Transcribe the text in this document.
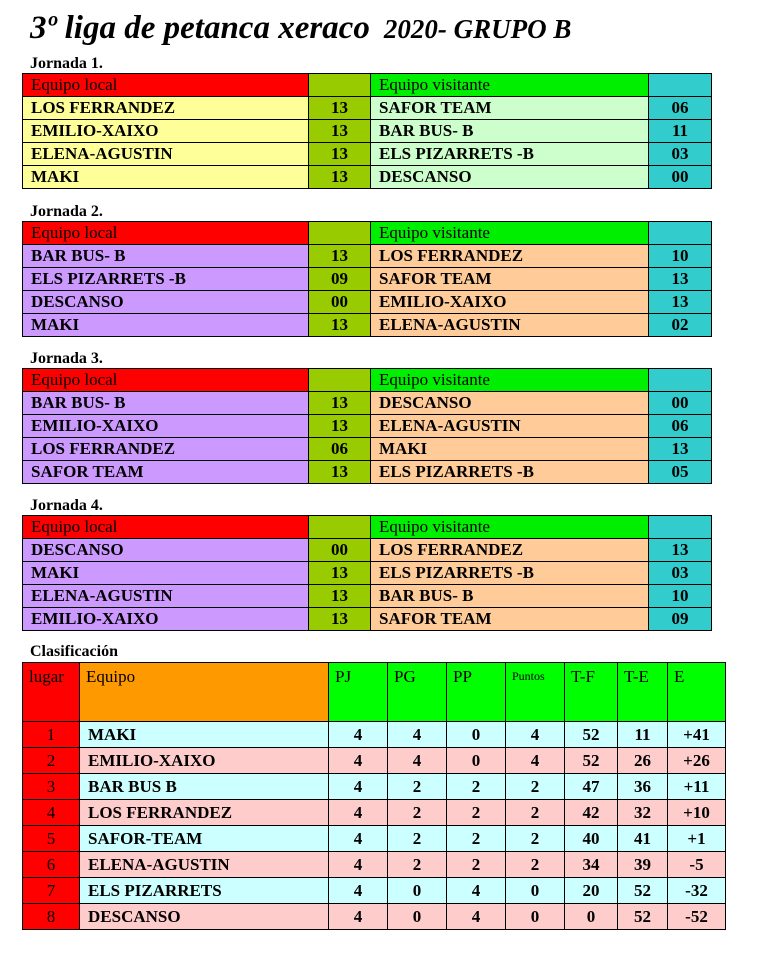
3º liga de petanca xeraco 2020- GRUPO B
Jornada 1.
Equipo local		Equipo visitante	
LOS FERRANDEZ	13	SAFOR TEAM	06
EMILIO-XAIXO	13	BAR BUS- B	11
ELENA-AGUSTIN	13	ELS PIZARRETS -B	03
MAKI	13	DESCANSO	00
Jornada 2.
Equipo local		Equipo visitante	
BAR BUS- B	13	LOS FERRANDEZ	10
ELS PIZARRETS -B	09	SAFOR TEAM	13
DESCANSO	00	EMILIO-XAIXO	13
MAKI	13	ELENA-AGUSTIN	02
Jornada 3.
Equipo local		Equipo visitante	
BAR BUS- B	13	DESCANSO	00
EMILIO-XAIXO	13	ELENA-AGUSTIN	06
LOS FERRANDEZ	06	MAKI	13
SAFOR TEAM	13	ELS PIZARRETS -B	05
Jornada 4.
Equipo local		Equipo visitante	
DESCANSO	00	LOS FERRANDEZ	13
MAKI	13	ELS PIZARRETS -B	03
ELENA-AGUSTIN	13	BAR BUS- B	10
EMILIO-XAIXO	13	SAFOR TEAM	09
Clasificación
lugar	Equipo	PJ	PG	PP	Puntos	T-F	T-E	E
1	MAKI	4	4	0	4	52	11	+41
2	EMILIO-XAIXO	4	4	0	4	52	26	+26
3	BAR BUS B	4	2	2	2	47	36	+11
4	LOS FERRANDEZ	4	2	2	2	42	32	+10
5	SAFOR-TEAM	4	2	2	2	40	41	+1
6	ELENA-AGUSTIN	4	2	2	2	34	39	-5
7	ELS PIZARRETS	4	0	4	0	20	52	-32
8	DESCANSO	4	0	4	0	0	52	-52
